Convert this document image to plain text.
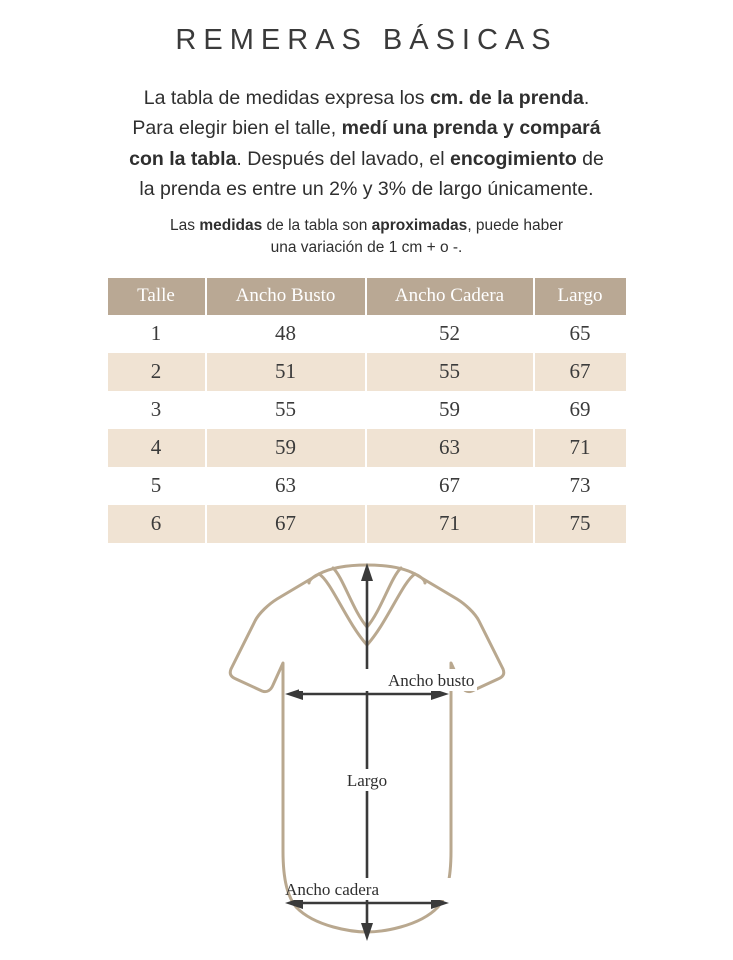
REMERAS BÁSICAS
La tabla de medidas expresa los cm. de la prenda.
Para elegir bien el talle, medí una prenda y compará
con la tabla. Después del lavado, el encogimiento de
la prenda es entre un 2% y 3% de largo únicamente.
Las medidas de la tabla son aproximadas, puede haber
una variación de 1 cm + o -.
Talle	Ancho Busto	Ancho Cadera	Largo
1	48	52	65
2	51	55	67
3	55	59	69
4	59	63	71
5	63	67	73
6	67	71	75
Ancho busto
Largo
Ancho cadera
